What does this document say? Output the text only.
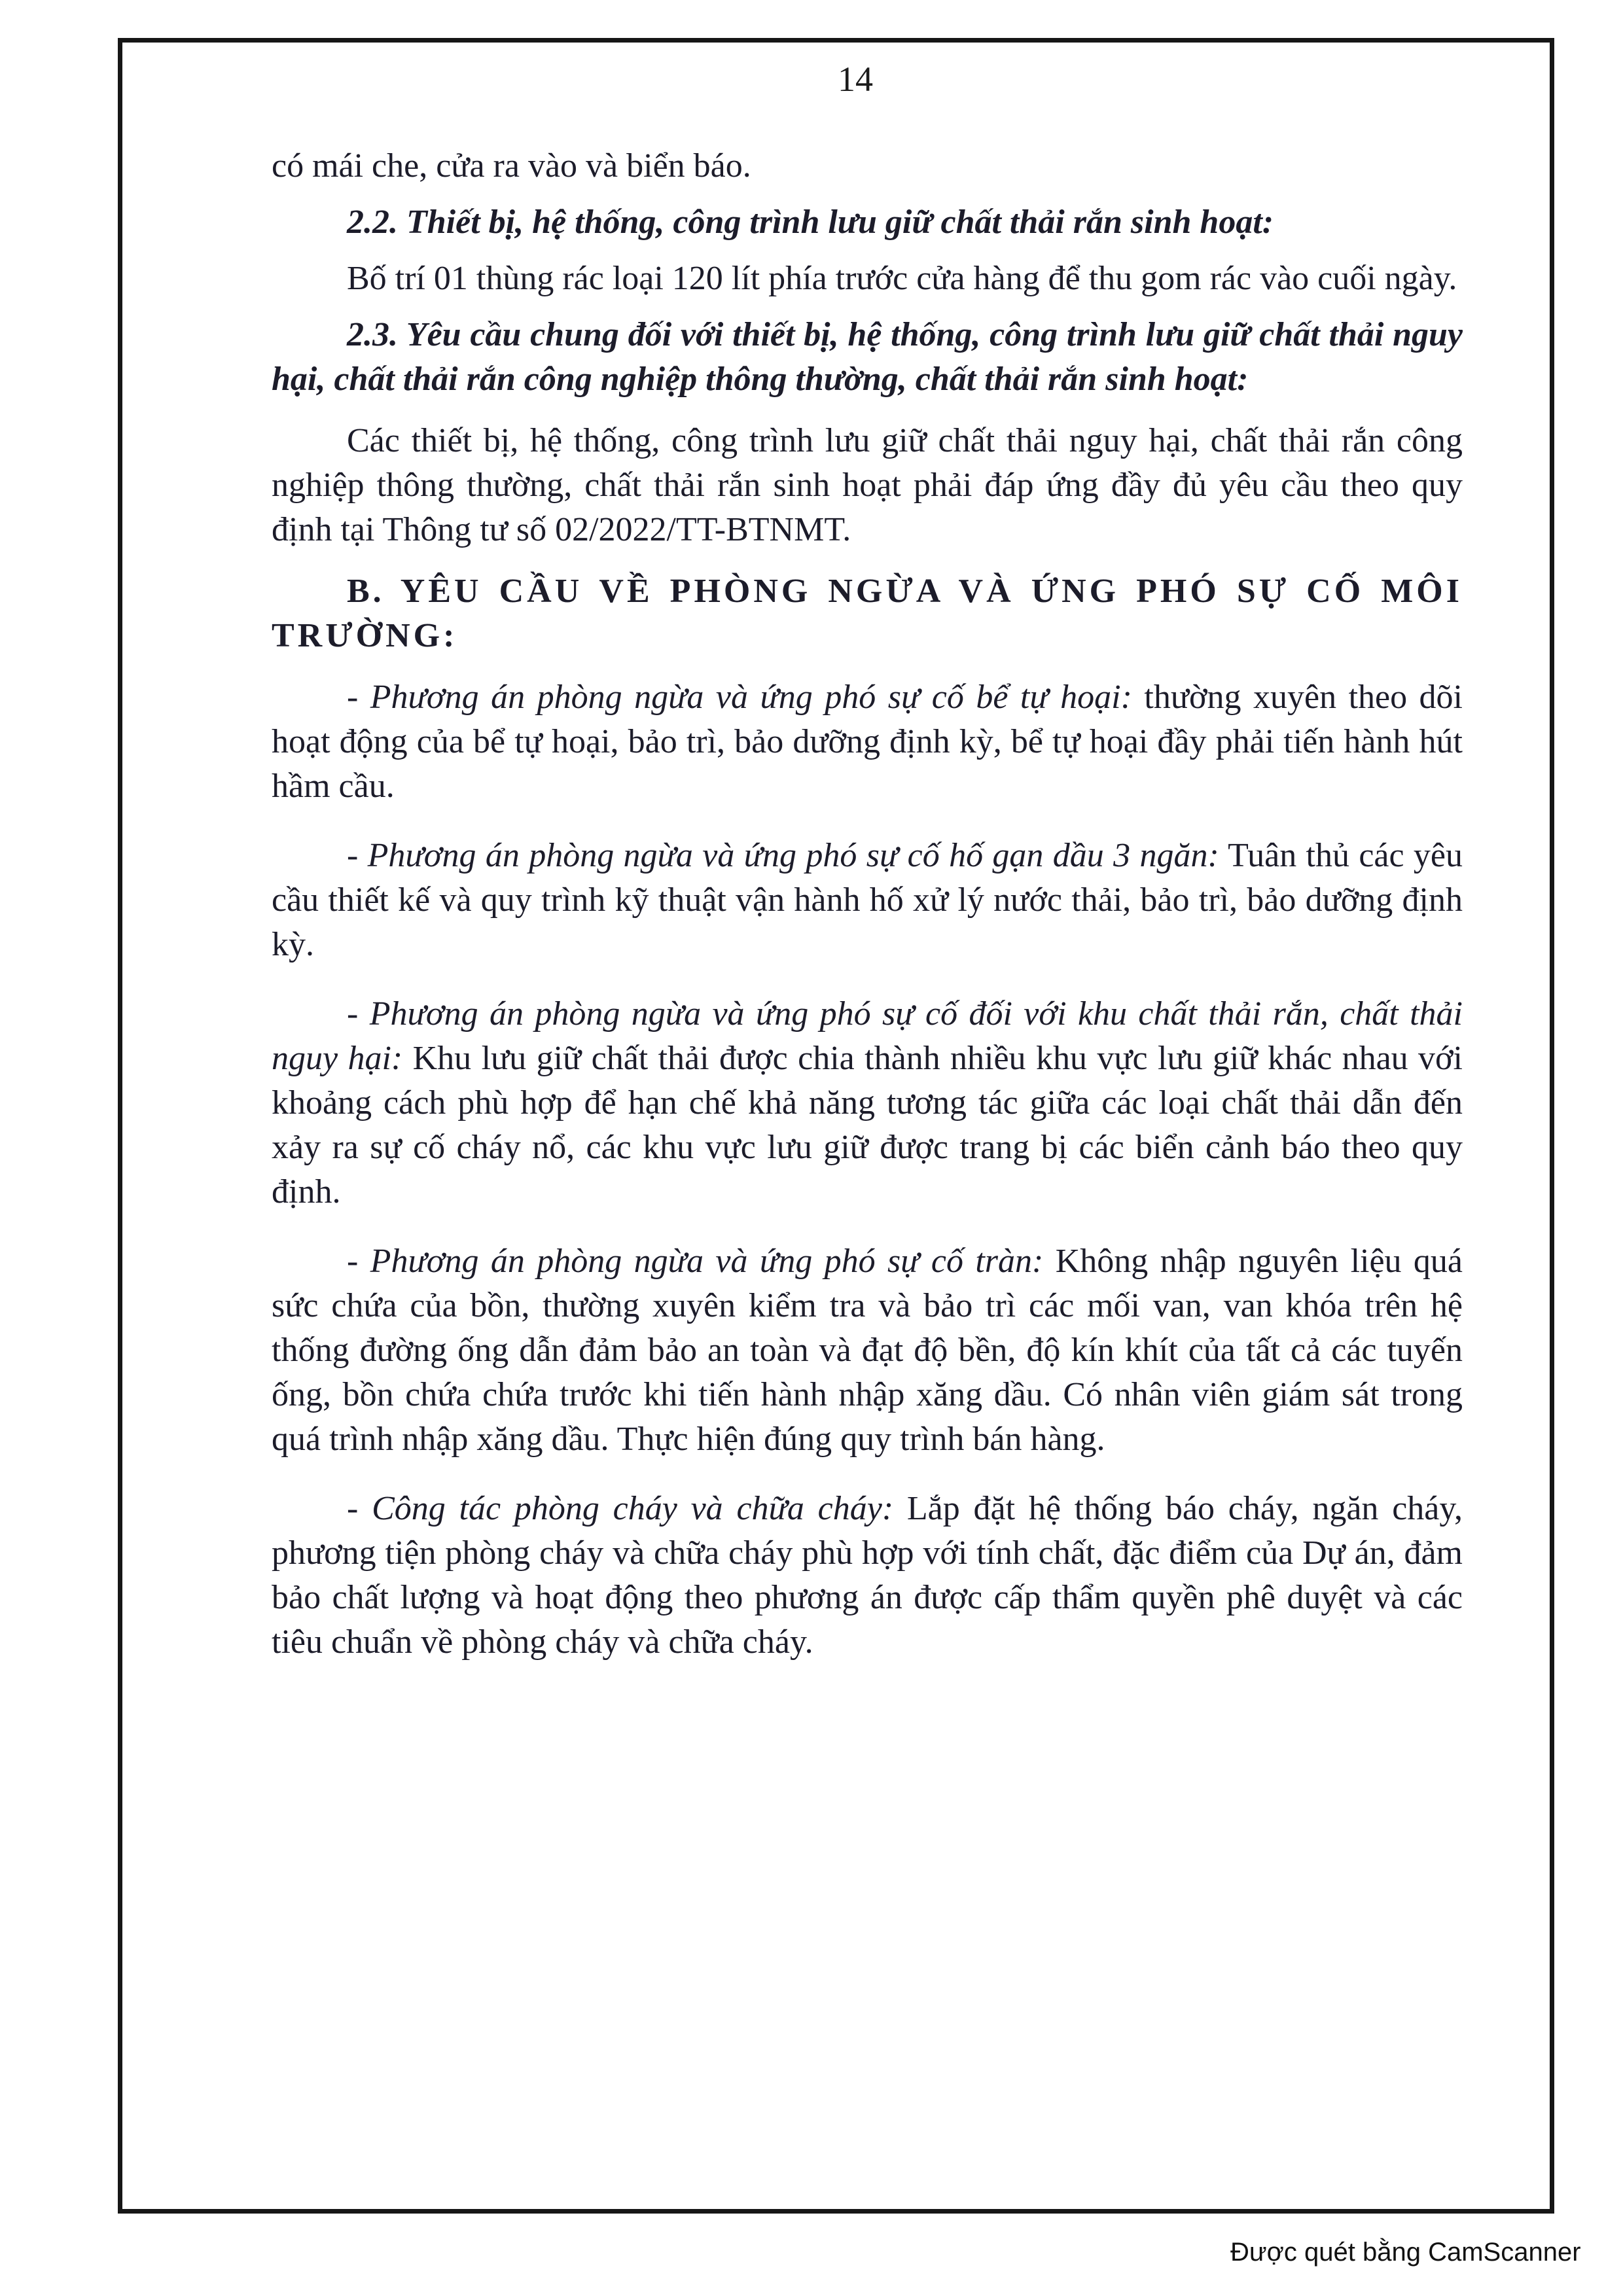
14

có mái che, cửa ra vào và biển báo.

2.2. Thiết bị, hệ thống, công trình lưu giữ chất thải rắn sinh hoạt:

Bố trí 01 thùng rác loại 120 lít phía trước cửa hàng để thu gom rác vào cuối ngày.

2.3. Yêu cầu chung đối với thiết bị, hệ thống, công trình lưu giữ chất thải nguy hại, chất thải rắn công nghiệp thông thường, chất thải rắn sinh hoạt:

Các thiết bị, hệ thống, công trình lưu giữ chất thải nguy hại, chất thải rắn công nghiệp thông thường, chất thải rắn sinh hoạt phải đáp ứng đầy đủ yêu cầu theo quy định tại Thông tư số 02/2022/TT-BTNMT.

B. YÊU CẦU VỀ PHÒNG NGỪA VÀ ỨNG PHÓ SỰ CỐ MÔI TRƯỜNG:

- Phương án phòng ngừa và ứng phó sự cố bể tự hoại: thường xuyên theo dõi hoạt động của bể tự hoại, bảo trì, bảo dưỡng định kỳ, bể tự hoại đầy phải tiến hành hút hầm cầu.

- Phương án phòng ngừa và ứng phó sự cố hố gạn dầu 3 ngăn: Tuân thủ các yêu cầu thiết kế và quy trình kỹ thuật vận hành hố xử lý nước thải, bảo trì, bảo dưỡng định kỳ.

- Phương án phòng ngừa và ứng phó sự cố đối với khu chất thải rắn, chất thải nguy hại: Khu lưu giữ chất thải được chia thành nhiều khu vực lưu giữ khác nhau với khoảng cách phù hợp để hạn chế khả năng tương tác giữa các loại chất thải dẫn đến xảy ra sự cố cháy nổ, các khu vực lưu giữ được trang bị các biển cảnh báo theo quy định.

- Phương án phòng ngừa và ứng phó sự cố tràn: Không nhập nguyên liệu quá sức chứa của bồn, thường xuyên kiểm tra và bảo trì các mối van, van khóa trên hệ thống đường ống dẫn đảm bảo an toàn và đạt độ bền, độ kín khít của tất cả các tuyến ống, bồn chứa chứa trước khi tiến hành nhập xăng dầu. Có nhân viên giám sát trong quá trình nhập xăng dầu. Thực hiện đúng quy trình bán hàng.

- Công tác phòng cháy và chữa cháy: Lắp đặt hệ thống báo cháy, ngăn cháy, phương tiện phòng cháy và chữa cháy phù hợp với tính chất, đặc điểm của Dự án, đảm bảo chất lượng và hoạt động theo phương án được cấp thẩm quyền phê duyệt và các tiêu chuẩn về phòng cháy và chữa cháy.

Được quét bằng CamScanner
